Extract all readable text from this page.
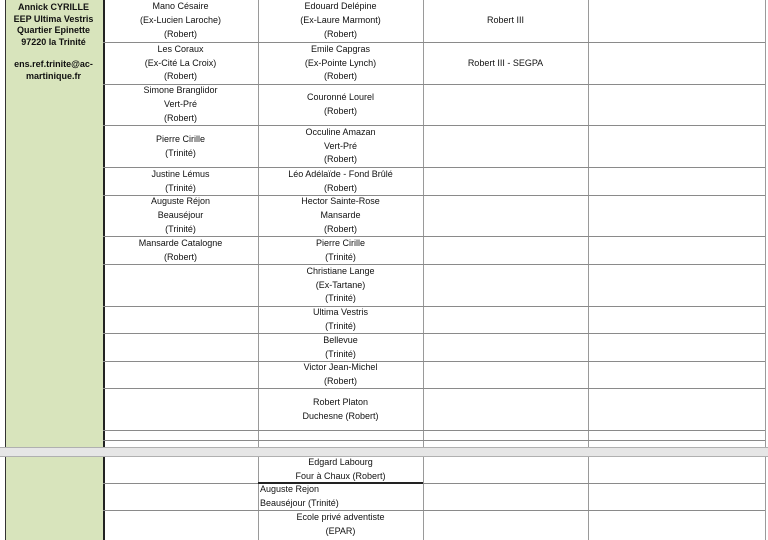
Annick CYRILLE
EEP Ultima Vestris
Quartier Epinette
97220 la Trinité
ens.ref.trinite@ac-
martinique.fr
Mano Césaire
(Ex-Lucien Laroche)
(Robert)
Les Coraux
(Ex-Cité La Croix)
(Robert)
Simone Branglidor
Vert-Pré
(Robert)
Pierre Cirille
(Trinité)
Justine Lémus
(Trinité)
Auguste Réjon
Beauséjour
(Trinité)
Mansarde Catalogne
(Robert)
Edouard Delépine
(Ex-Laure Marmont)
(Robert)
Emile Capgras
(Ex-Pointe Lynch)
(Robert)
Couronné Lourel
(Robert)
Occuline Amazan
Vert-Pré
(Robert)
Léo Adélaïde - Fond Brûlé
(Robert)
Hector Sainte-Rose
Mansarde
(Robert)
Pierre Cirille
(Trinité)
Christiane Lange
(Ex-Tartane)
(Trinité)
Ultima Vestris
(Trinité)
Bellevue
(Trinité)
Victor Jean-Michel
(Robert)
Robert Platon
Duchesne (Robert)
Robert III
Robert III - SEGPA
Edgard Labourg
Four à Chaux (Robert)
Auguste Rejon
Beauséjour (Trinité)
Ecole privé adventiste
(EPAR)
